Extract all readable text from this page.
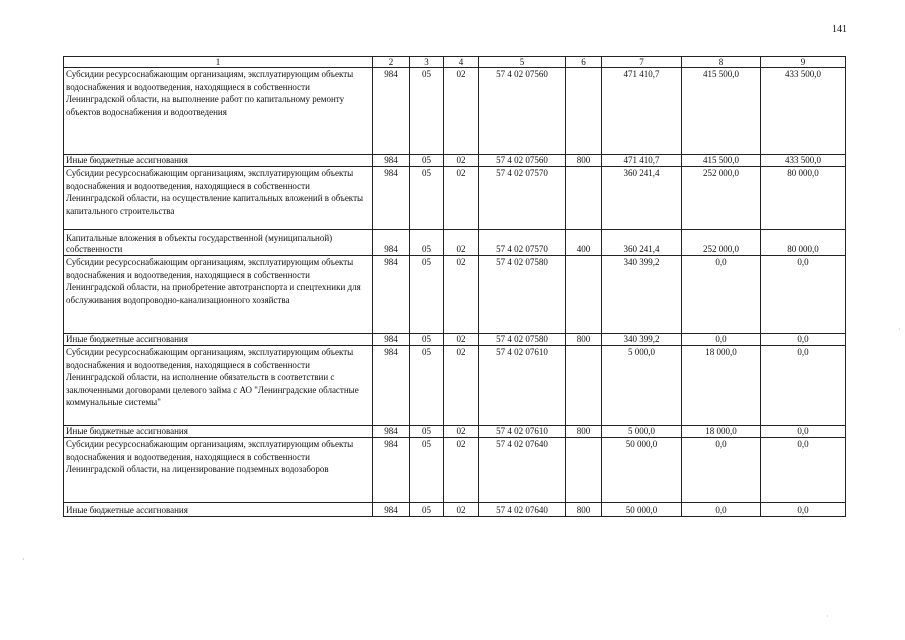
141
1	2	3	4	5	6	7	8	9
Субсидии ресурсоснабжающим организациям, эксплуатирующим объекты водоснабжения и водоотведения, находящиеся в собственности Ленинградской области, на выполнение работ по капитальному ремонту объектов водоснабжения и водоотведения	984	05	02	57 4 02 07560		471 410,7	415 500,0	433 500,0
Иные бюджетные ассигнования	984	05	02	57 4 02 07560	800	471 410,7	415 500,0	433 500,0
Субсидии ресурсоснабжающим организациям, эксплуатирующим объекты водоснабжения и водоотведения, находящиеся в собственности Ленинградской области, на осуществление капитальных вложений в объекты капитального строительства	984	05	02	57 4 02 07570		360 241,4	252 000,0	80 000,0
Капитальные вложения в объекты государственной (муниципальной) собственности	984	05	02	57 4 02 07570	400	360 241,4	252 000,0	80 000,0
Субсидии ресурсоснабжающим организациям, эксплуатирующим объекты водоснабжения и водоотведения, находящиеся в собственности Ленинградской области, на приобретение автотранспорта и спецтехники для обслуживания водопроводно-канализационного хозяйства	984	05	02	57 4 02 07580		340 399,2	0,0	0,0
Иные бюджетные ассигнования	984	05	02	57 4 02 07580	800	340 399,2	0,0	0,0
Субсидии ресурсоснабжающим организациям, эксплуатирующим объекты водоснабжения и водоотведения, находящиеся в собственности Ленинградской области, на исполнение обязательств в соответствии с заключенными договорами целевого займа с АО "Ленинградские областные коммунальные системы"	984	05	02	57 4 02 07610		5 000,0	18 000,0	0,0
Иные бюджетные ассигнования	984	05	02	57 4 02 07610	800	5 000,0	18 000,0	0,0
Субсидии ресурсоснабжающим организациям, эксплуатирующим объекты водоснабжения и водоотведения, находящиеся в собственности Ленинградской области, на лицензирование подземных водозаборов	984	05	02	57 4 02 07640		50 000,0	0,0	0,0
Иные бюджетные ассигнования	984	05	02	57 4 02 07640	800	50 000,0	0,0	0,0
·
·
·
